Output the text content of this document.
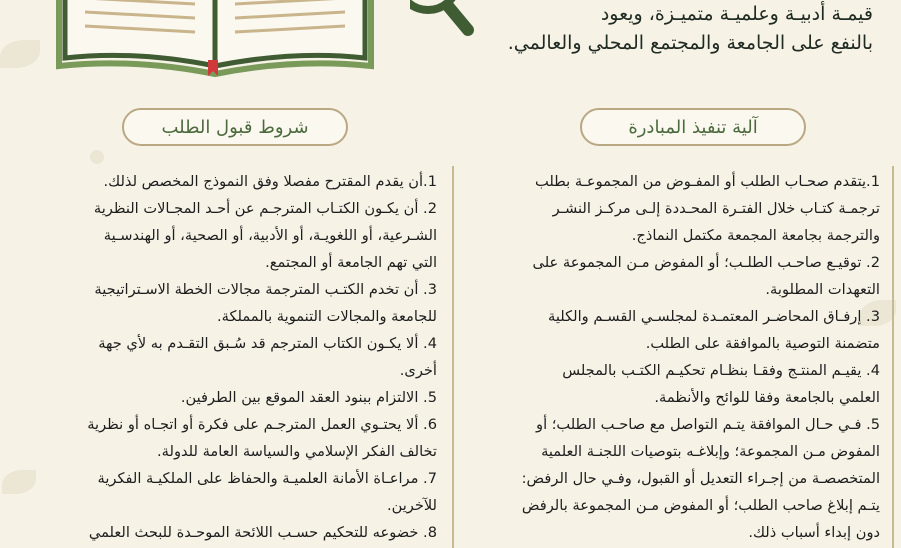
قيمـة أدبيـة وعلميـة متميـزة، ويعود
بالنفع على الجامعة والمجتمع المحلي والعالمي.
شروط قبول الطلب	آلية تنفيذ المبادرة

1.أن يقدم المقترح مفصلا وفق النموذج المخصص لذلك.

2. أن يكـون الكتـاب المترجـم عن أحـد المجـالات النظرية

الشـرعية، أو اللغويـة، أو الأدبية، أو الصحية، أو الهندسـية

التي تهم الجامعة أو المجتمع.

3. أن تخدم الكتـب المترجمة مجالات الخطة الاسـتراتيجية

للجامعة والمجالات التنموية بالمملكة.

4. ألا يكـون الكتاب المترجم قد سُـبق التقـدم به لأي جهة

أخرى.

5. الالتزام ببنود العقد الموقع بين الطرفين.

6. ألا يحتـوي العمل المترجـم على فكرة أو اتجـاه أو نظرية

تخالف الفكر الإسلامي والسياسة العامة للدولة.

7. مراعـاة الأمانة العلميـة والحفاظ على الملكيـة الفكرية

للآخرين.

8. خضوعه للتحكيم حسـب اللائحة الموحـدة للبحث العلمي

1.يتقدم صحـاب الطلب أو المفـوض من المجموعـة بطلب

ترجمـة كتـاب خلال الفتـرة المحـددة إلـى مركـز النشـر

والترجمة بجامعة المجمعة مكتمل النماذج.

2. توقيـع صاحـب الطلـب؛ أو المفوض مـن المجموعة على

التعهدات المطلوبة.

3. إرفـاق المحاضـر المعتمـدة لمجلسـي القسـم والكلية

متضمنة التوصية بالموافقة على الطلب.

4. يقيـم المنتـج وفقـا بنظـام تحكيـم الكتـب بالمجلس

العلمي بالجامعة وفقا للوائح والأنظمة.

5. فـي حـال الموافقة يتـم التواصل مع صاحـب الطلب؛ أو

المفوض مـن المجموعة؛ وإبلاغـه بتوصيات اللجنـة العلمية

المتخصصـة من إجـراء التعديل أو القبول، وفـي حال الرفض:

يتـم إبلاغ صاحب الطلب؛ أو المفوض مـن المجموعة بالرفض

دون إبداء أسباب ذلك.
